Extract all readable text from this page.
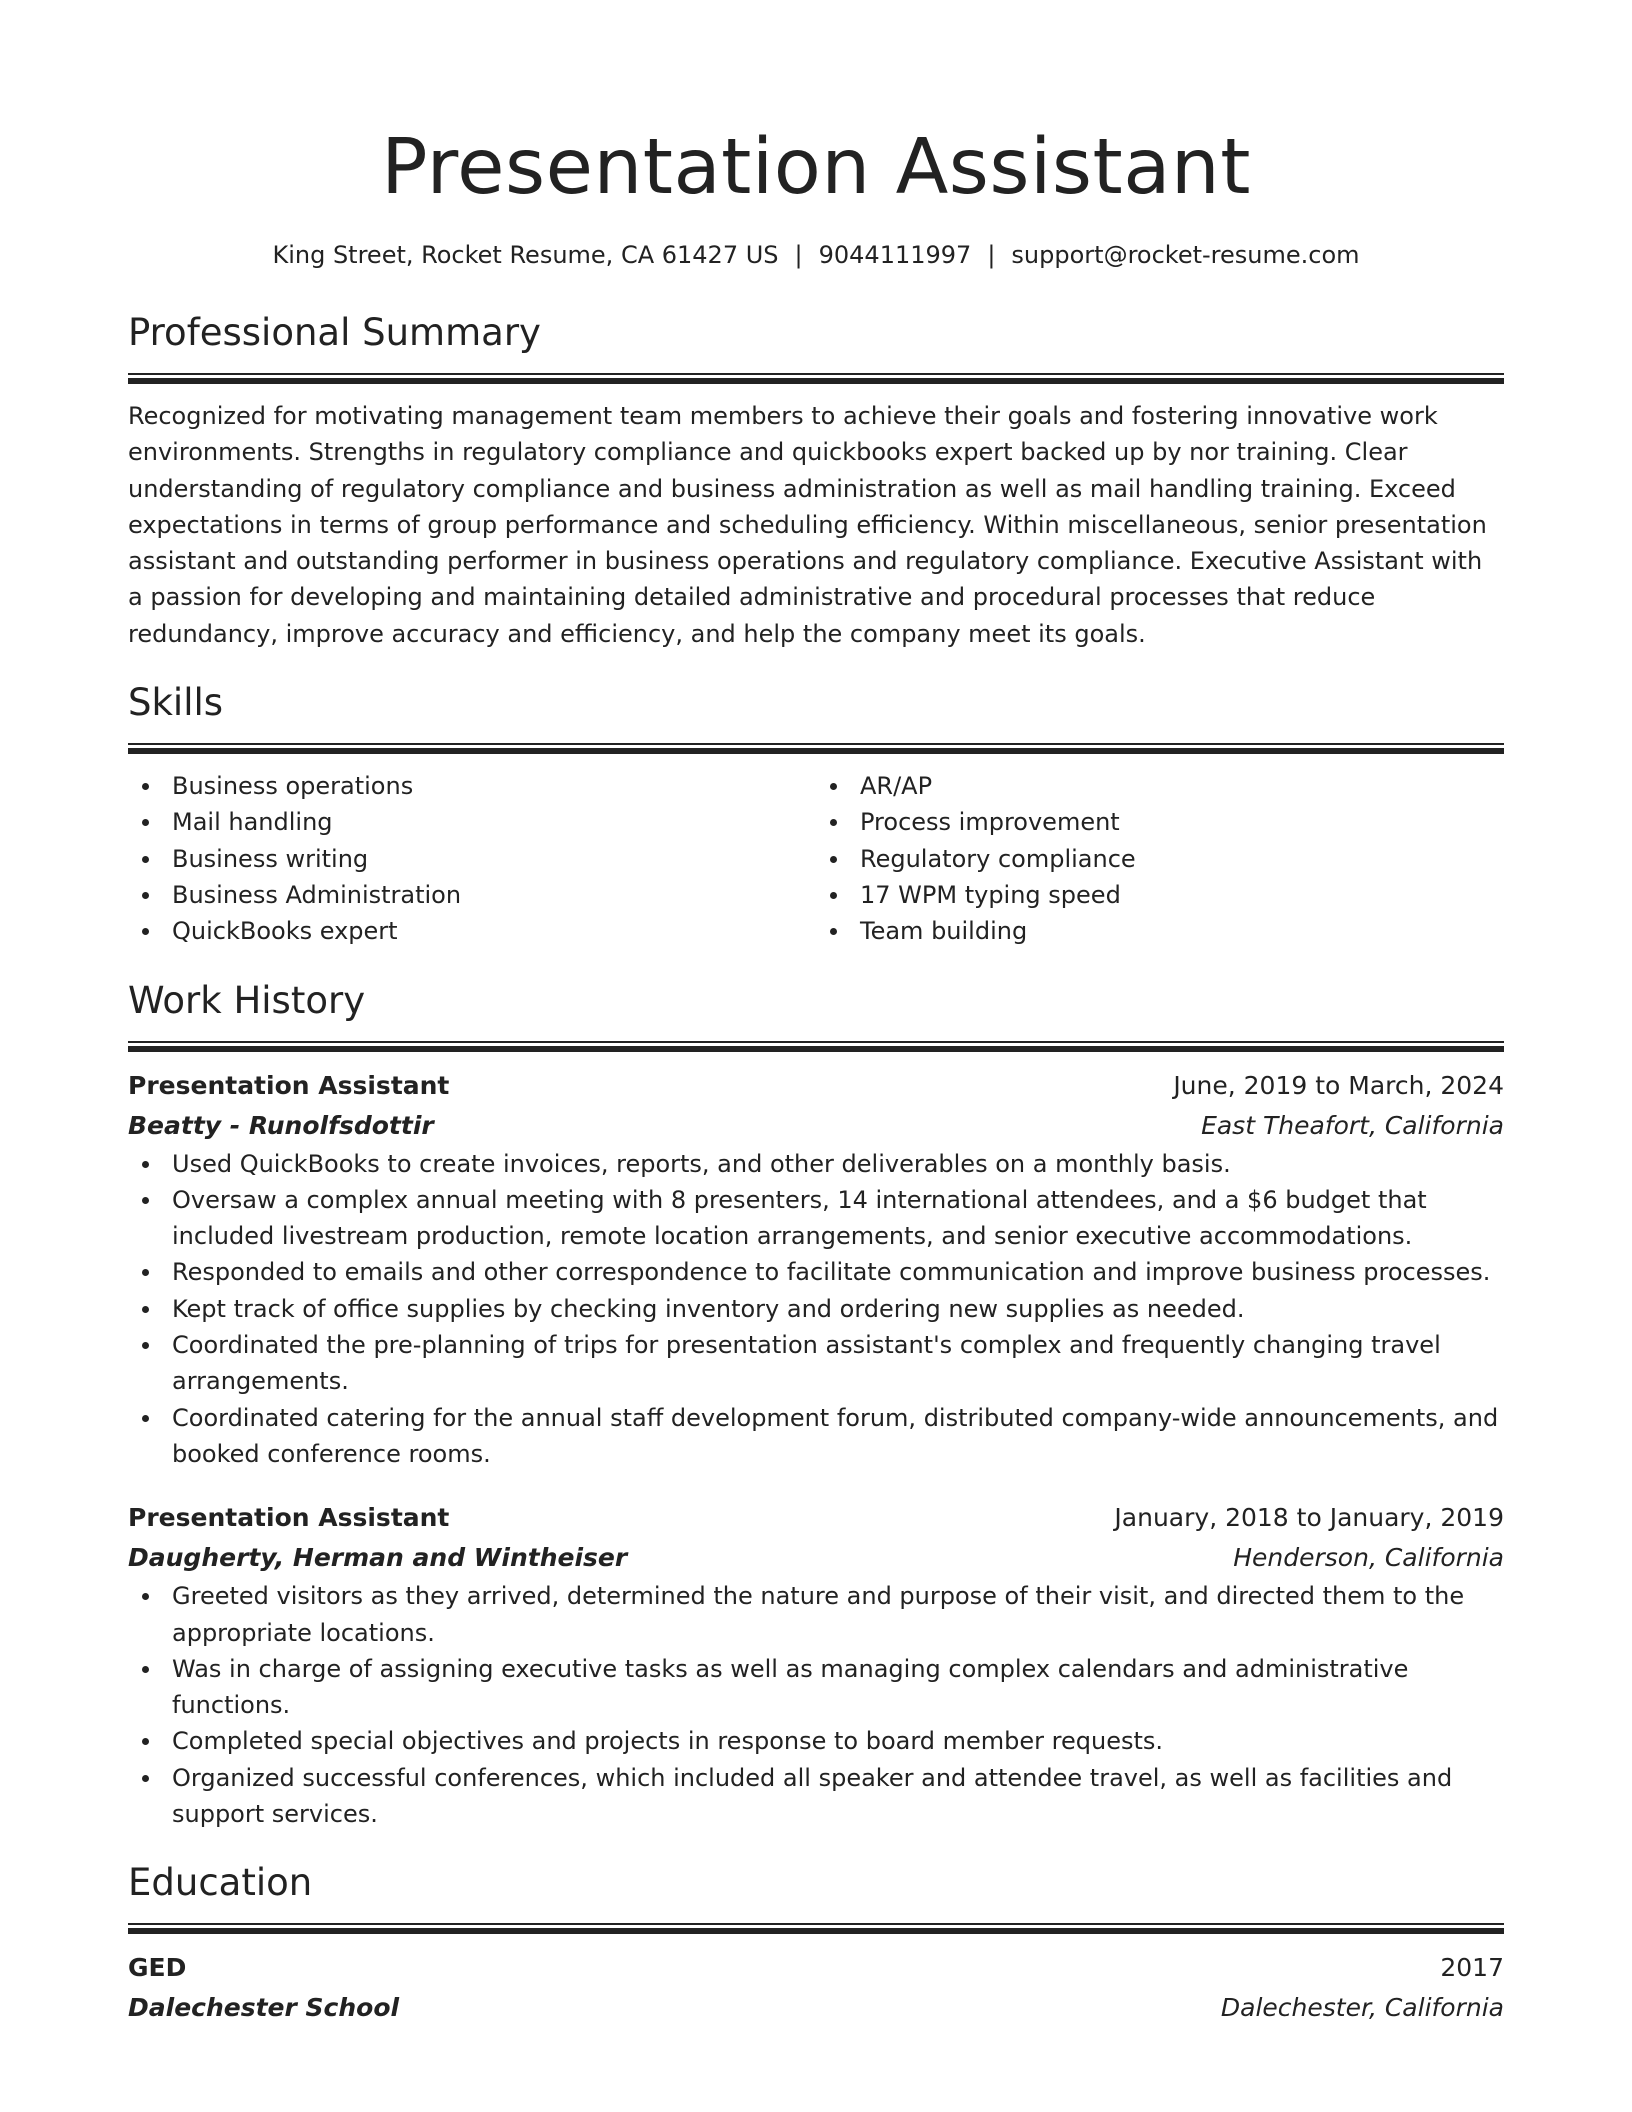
Presentation Assistant
King Street, Rocket Resume, CA 61427 US | 9044111997 | support@rocket-resume.com
Professional Summary

Recognized for motivating management team members to achieve their goals and fostering innovative work environments. Strengths in regulatory compliance and quickbooks expert backed up by nor training. Clear understanding of regulatory compliance and business administration as well as mail handling training. Exceed expectations in terms of group performance and scheduling efficiency. Within miscellaneous, senior presentation assistant and outstanding performer in business operations and regulatory compliance. Executive Assistant with a passion for developing and maintaining detailed administrative and procedural processes that reduce redundancy, improve accuracy and efficiency, and help the company meet its goals.

Skills
Business operations
Mail handling
Business writing
Business Administration
QuickBooks expert
AR/AP
Process improvement
Regulatory compliance
17 WPM typing speed
Team building
Work History
Presentation Assistant	June, 2019 to March, 2024
Beatty - Runolfsdottir	East Theafort, California
Used QuickBooks to create invoices, reports, and other deliverables on a monthly basis.
Oversaw a complex annual meeting with 8 presenters, 14 international attendees, and a $6 budget that included livestream production, remote location arrangements, and senior executive accommodations.
Responded to emails and other correspondence to facilitate communication and improve business processes.
Kept track of office supplies by checking inventory and ordering new supplies as needed.
Coordinated the pre-planning of trips for presentation assistant's complex and frequently changing travel arrangements.
Coordinated catering for the annual staff development forum, distributed company-wide announcements, and booked conference rooms.
Presentation Assistant	January, 2018 to January, 2019
Daugherty, Herman and Wintheiser	Henderson, California
Greeted visitors as they arrived, determined the nature and purpose of their visit, and directed them to the appropriate locations.
Was in charge of assigning executive tasks as well as managing complex calendars and administrative functions.
Completed special objectives and projects in response to board member requests.
Organized successful conferences, which included all speaker and attendee travel, as well as facilities and support services.
Education
GED	2017
Dalechester School	Dalechester, California
